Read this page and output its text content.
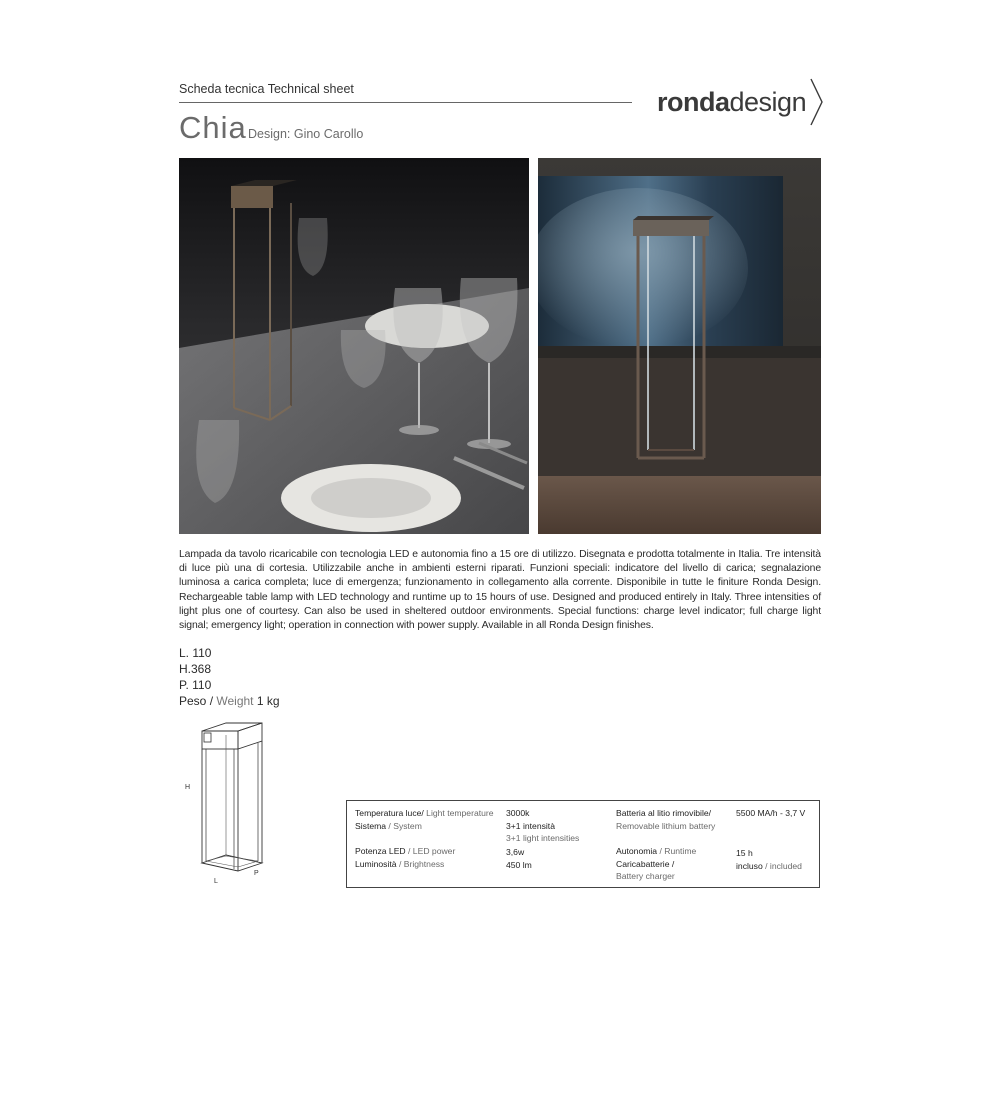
Scheda tecnica Technical sheet	ronda design
Chia Design: Gino Carollo
Lampada da tavolo ricaricabile con tecnologia LED e autonomia fino a 15 ore di utilizzo. Disegnata e prodotta totalmente in Italia. Tre intensità di luce più una di cortesia. Utilizzabile anche in ambienti esterni riparati. Funzioni speciali: indicatore del livello di carica; segnalazione luminosa a carica completa; luce di emergenza; funzionamento in collegamento alla corrente. Disponibile in tutte le finiture Ronda Design. Rechargeable table lamp with LED technology and runtime up to 15 hours of use. Designed and produced entirely in Italy. Three intensities of light plus one of courtesy. Can also be used in sheltered outdoor environments. Special functions: charge level indicator; full charge light signal; emergency light; operation in connection with power supply. Available in all Ronda Design finishes.
L. 110
H.368
P. 110
Peso / Weight 1 kg
H
L
P
Temperatura luce/ Light temperature
Sistema / System
3000k
3+1 intensità
3+1 light intensities
Potenza LED / LED power
Luminosità / Brightness
3,6w
450 lm
Batteria al litio rimovibile/
Removable lithium battery
5500 MA/h - 3,7 V
Autonomia / Runtime
Caricabatterie /
Battery charger
15 h
incluso / included
